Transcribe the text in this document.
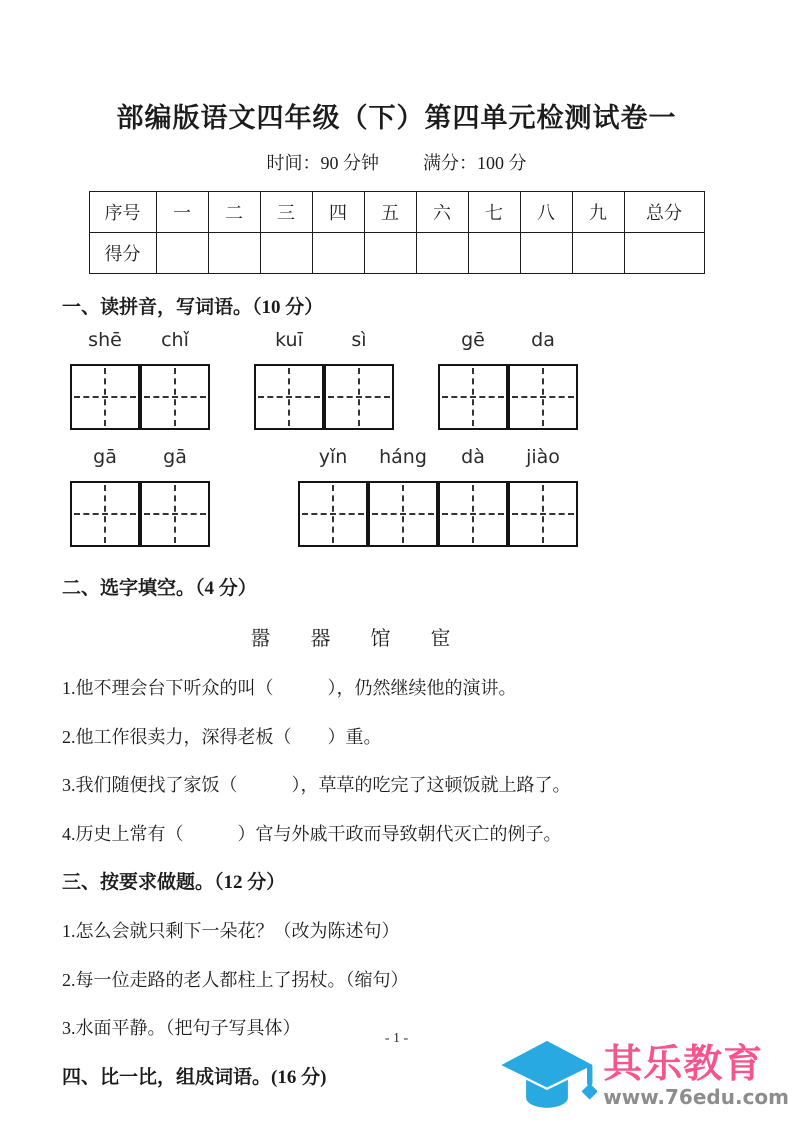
部编版语文四年级（下）第四单元检测试卷一
时间：90 分钟 满分：100 分
序号	一	二	三	四	五	六	七	八	九	总分
得分										
一、读拼音，写词语。（10 分）
shē	chǐ	kuī	sì	gē	da
gā	gā	yǐn	háng	dà	jiào
二、选字填空。（4 分）
嚣 器 馆 宦

1.他不理会台下听众的叫（　　　），仍然继续他的演讲。

2.他工作很卖力，深得老板（　　）重。

3.我们随便找了家饭（　　　），草草的吃完了这顿饭就上路了。

4.历史上常有（　　　）官与外戚干政而导致朝代灭亡的例子。

三、按要求做题。（12 分）

1.怎么会就只剩下一朵花？（改为陈述句）

2.每一位走路的老人都柱上了拐杖。（缩句）

3.水面平静。（把句子写具体）

四、比一比，组成词语。(16 分)
- 1 -
其乐教育
www.76edu.com
